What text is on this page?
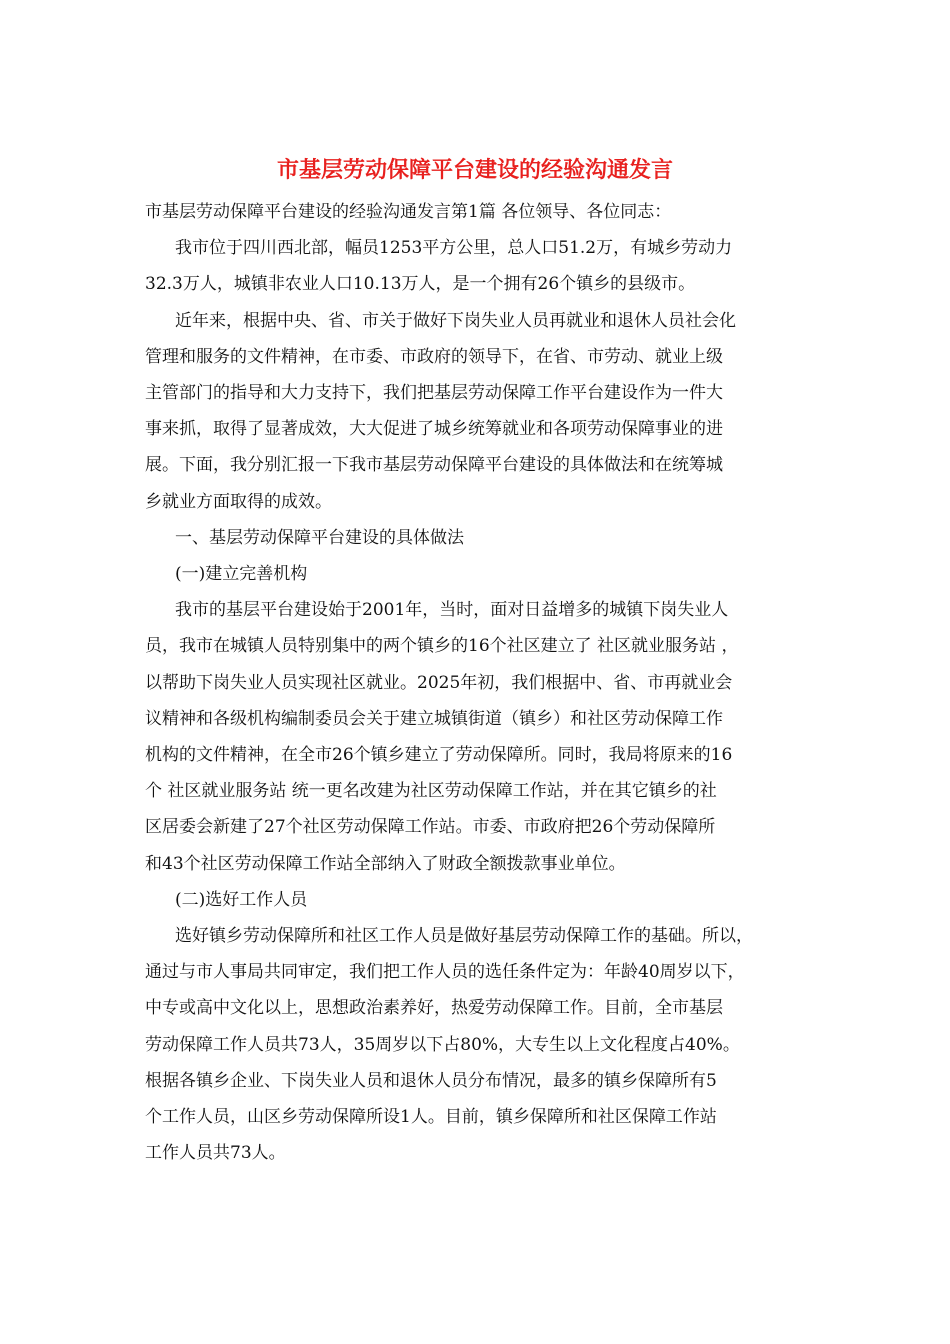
市基层劳动保障平台建设的经验沟通发言
市基层劳动保障平台建设的经验沟通发言第1篇 各位领导、各位同志：
我市位于四川西北部，幅员1253平方公里，总人口51.2万，有城乡劳动力
32.3万人，城镇非农业人口10.13万人，是一个拥有26个镇乡的县级市。
近年来，根据中央、省、市关于做好下岗失业人员再就业和退休人员社会化
管理和服务的文件精神，在市委、市政府的领导下，在省、市劳动、就业上级
主管部门的指导和大力支持下，我们把基层劳动保障工作平台建设作为一件大
事来抓，取得了显著成效，大大促进了城乡统筹就业和各项劳动保障事业的进
展。下面，我分别汇报一下我市基层劳动保障平台建设的具体做法和在统筹城
乡就业方面取得的成效。
一、基层劳动保障平台建设的具体做法
(一)建立完善机构
我市的基层平台建设始于2001年，当时，面对日益增多的城镇下岗失业人
员，我市在城镇人员特别集中的两个镇乡的16个社区建立了 社区就业服务站 ，
以帮助下岗失业人员实现社区就业。2025年初，我们根据中、省、市再就业会
议精神和各级机构编制委员会关于建立城镇街道（镇乡）和社区劳动保障工作
机构的文件精神，在全市26个镇乡建立了劳动保障所。同时，我局将原来的16
个 社区就业服务站 统一更名改建为社区劳动保障工作站，并在其它镇乡的社
区居委会新建了27个社区劳动保障工作站。市委、市政府把26个劳动保障所
和43个社区劳动保障工作站全部纳入了财政全额拨款事业单位。
(二)选好工作人员
选好镇乡劳动保障所和社区工作人员是做好基层劳动保障工作的基础。所以，
通过与市人事局共同审定，我们把工作人员的选任条件定为：年龄40周岁以下，
中专或高中文化以上，思想政治素养好，热爱劳动保障工作。目前，全市基层
劳动保障工作人员共73人，35周岁以下占80%，大专生以上文化程度占40%。
根据各镇乡企业、下岗失业人员和退休人员分布情况，最多的镇乡保障所有5
个工作人员，山区乡劳动保障所设1人。目前，镇乡保障所和社区保障工作站
工作人员共73人。
